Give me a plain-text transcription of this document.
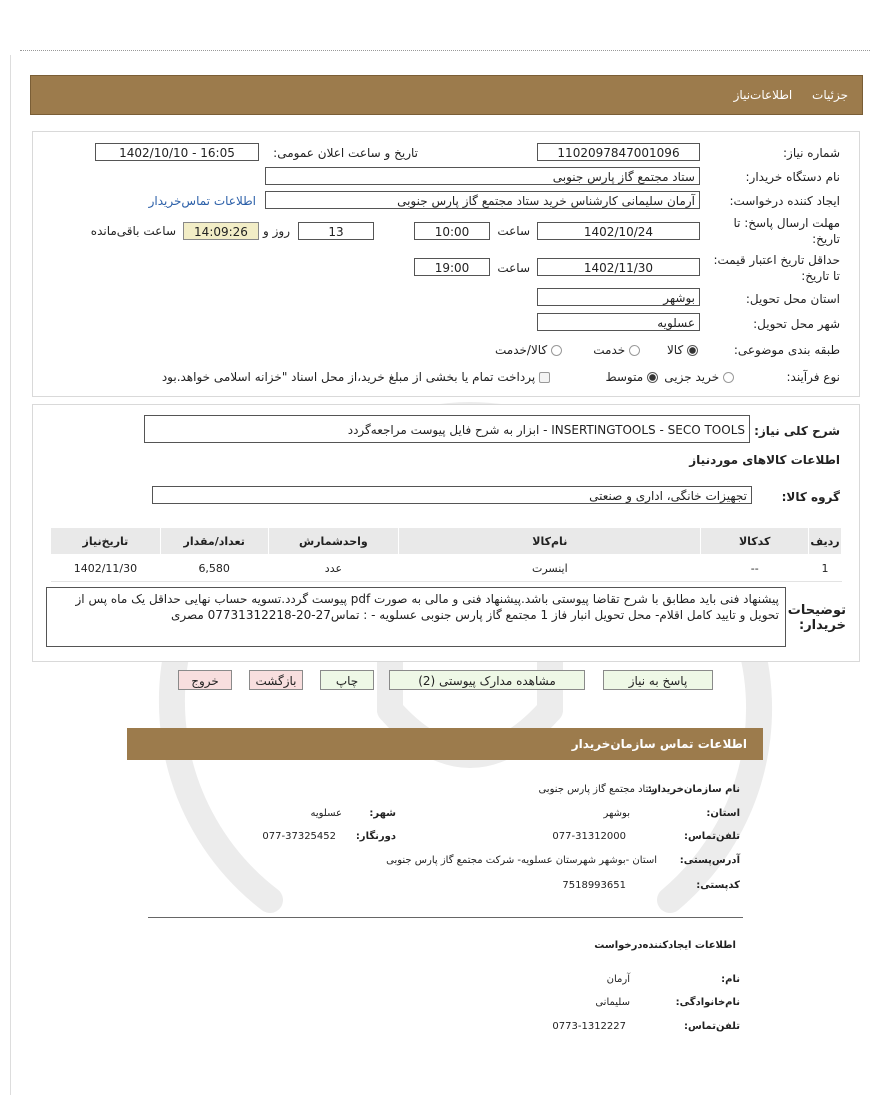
جزئیات اطلاعات‌نیاز
شماره نیاز:
1102097847001096
تاریخ و ساعت اعلان عمومی:
1402/10/10 - 16:05
نام دستگاه خریدار:
ستاد مجتمع گاز پارس جنوبی
ایجاد کننده درخواست:
آرمان سلیمانی کارشناس خرید ستاد مجتمع گاز پارس جنوبی
اطلاعات تماس‌خریدار
مهلت ارسال پاسخ: تا
تاریخ:
1402/10/24
ساعت
10:00
13
روز و
14:09:26
ساعت باقی‌مانده
حداقل تاریخ اعتبار قیمت:
تا تاریخ:
1402/11/30
ساعت
19:00
استان محل تحویل:
بوشهر
شهر محل تحویل:
عسلویه
طبقه بندی موضوعی:
کالا
خدمت
کالا/خدمت
نوع فرآیند:
خرید جزیی
متوسط
پرداخت تمام یا بخشی از مبلغ خرید،از محل اسناد "خزانه اسلامی خواهد.بود
شرح کلی نیاز:
INSERTINGTOOLS - SECO TOOLS - ابزار به شرح فایل پیوست مراجعه‌گردد
اطلاعات کالاهای موردنیاز
گروه کالا:
تجهیزات خانگی، اداری و صنعتی
ردیف	کدکالا	نام‌کالا	واحدشمارش	تعداد/مقدار	تاریخ‌نیاز
1	--	اینسرت	عدد	6,580	1402/11/30
توضیحات خریدار:
پیشنهاد فنی باید مطابق با شرح تقاضا پیوستی باشد.پیشنهاد فنی و مالی به صورت pdf پیوست گردد.تسویه حساب نهایی حداقل یک ماه پس از تحویل و تایید کامل اقلام- محل تحویل انبار فاز 1 مجتمع گاز پارس جنوبی عسلویه - : تماس27-20-07731312218 مصری
پاسخ به نیاز
مشاهده مدارک پیوستی (2)
چاپ
بازگشت
خروج
اطلاعات تماس سازمان‌خریدار
نام سازمان‌خریدار:
ستاد مجتمع گاز پارس جنوبی
استان:
بوشهر
شهر:
عسلویه
تلفن‌تماس:
077-31312000
دورنگار:
077-37325452
آدرس‌پستی:
استان -بوشهر شهرستان عسلویه- شرکت مجتمع گاز پارس جنوبی
کدپستی:
7518993651
اطلاعات ایجادکننده‌درخواست
نام:
آرمان
نام‌خانوادگی:
سلیمانی
تلفن‌تماس:
0773-1312227
